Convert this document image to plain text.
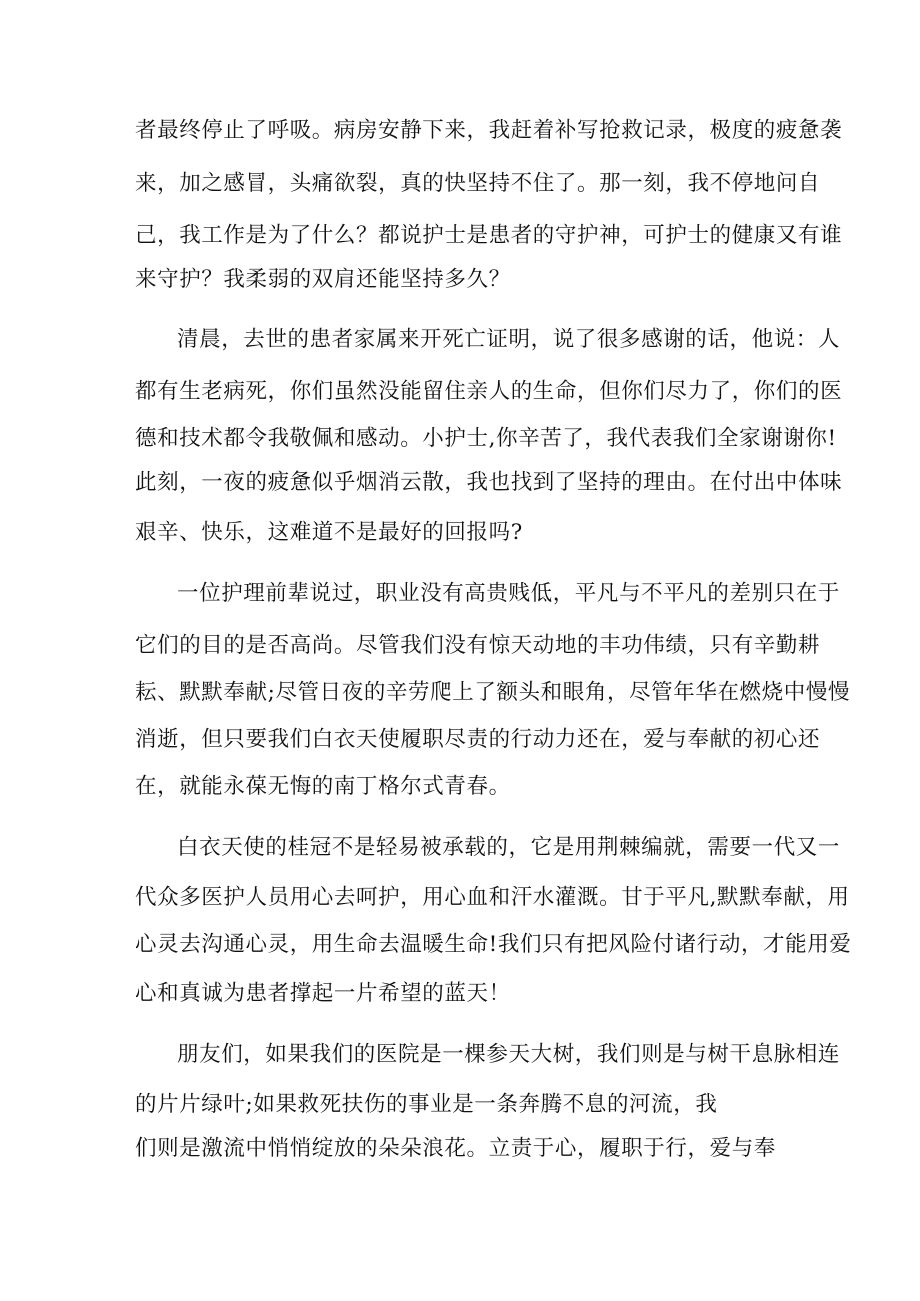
者最终停止了呼吸。病房安静下来，我赶着补写抢救记录，极度的疲惫袭
来，加之感冒，头痛欲裂，真的快坚持不住了。那一刻，我不停地问自
己，我工作是为了什么？都说护士是患者的守护神，可护士的健康又有谁
来守护？我柔弱的双肩还能坚持多久？
清晨，去世的患者家属来开死亡证明，说了很多感谢的话，他说：人
都有生老病死，你们虽然没能留住亲人的生命，但你们尽力了，你们的医
德和技术都令我敬佩和感动。小护士,你辛苦了，我代表我们全家谢谢你!
此刻，一夜的疲惫似乎烟消云散，我也找到了坚持的理由。在付出中体味
艰辛、快乐，这难道不是最好的回报吗?
一位护理前辈说过，职业没有高贵贱低，平凡与不平凡的差别只在于
它们的目的是否高尚。尽管我们没有惊天动地的丰功伟绩，只有辛勤耕
耘、默默奉献;尽管日夜的辛劳爬上了额头和眼角，尽管年华在燃烧中慢慢
消逝，但只要我们白衣天使履职尽责的行动力还在，爱与奉献的初心还
在，就能永葆无悔的南丁格尔式青春。
白衣天使的桂冠不是轻易被承载的，它是用荆棘编就，需要一代又一
代众多医护人员用心去呵护，用心血和汗水灌溉。甘于平凡,默默奉献，用
心灵去沟通心灵，用生命去温暖生命!我们只有把风险付诸行动，才能用爱
心和真诚为患者撑起一片希望的蓝天！
朋友们，如果我们的医院是一棵参天大树，我们则是与树干息脉相连
的片片绿叶;如果救死扶伤的事业是一条奔腾不息的河流，我
们则是激流中悄悄绽放的朵朵浪花。立责于心，履职于行，爱与奉
